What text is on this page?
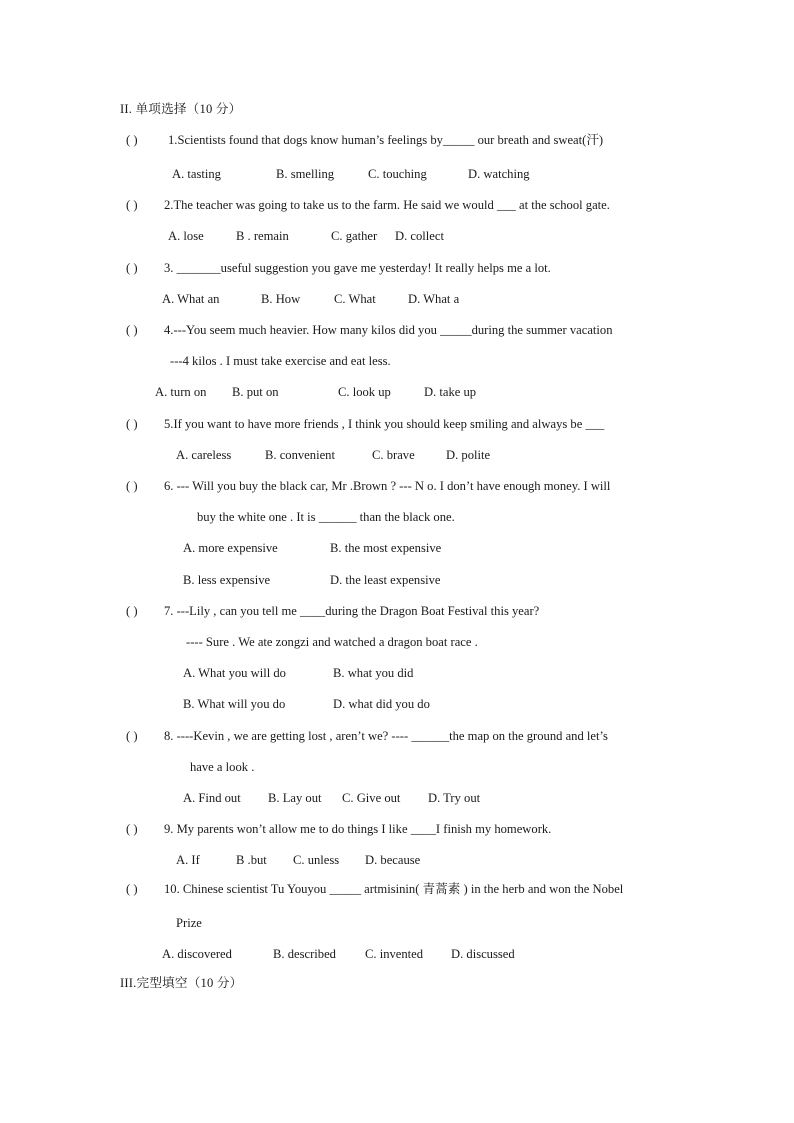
II. 单项选择（10 分）
( ) 1.Scientists found that dogs know human’s feelings by_____ our breath and sweat(汗)
A. tasting	B. smelling	C. touching	D. watching
( ) 2.The teacher was going to take us to the farm. He said we would ___ at the school gate.
A. lose	B . remain	C. gather D. collect
( ) 3. _______useful suggestion you gave me yesterday! It really helps me a lot.
A. What an	B. How	C. What	D. What a
( ) 4.---You seem much heavier. How many kilos did you _____during the summer vacation
---4 kilos . I must take exercise and eat less.
A. turn on B. put on	C. look up	D. take up
( ) 5.If you want to have more friends , I think you should keep smiling and always be ___
A. careless	B. convenient	C. brave D. polite
( ) 6. --- Will you buy the black car, Mr .Brown ? --- N o. I don’t have enough money. I will
buy the white one . It is ______ than the black one.
A. more expensive	B. the most expensive
B. less expensive	D. the least expensive
( ) 7. ---Lily , can you tell me ____during the Dragon Boat Festival this year?
---- Sure . We ate zongzi and watched a dragon boat race .
A. What you will do	B. what you did
B. What will you do	D. what did you do
( ) 8. ----Kevin , we are getting lost , aren’t we? ---- ______the map on the ground and let’s
have a look .
A. Find out B. Lay out C. Give out D. Try out
( ) 9. My parents won’t allow me to do things I like ____I finish my homework.
A. If	B .but C. unless D. because
( ) 10. Chinese scientist Tu Youyou _____ artmisinin( 青蒿素 ) in the herb and won the Nobel
Prize
A. discovered	B. described C. invented D. discussed
III.完型填空（10 分）
